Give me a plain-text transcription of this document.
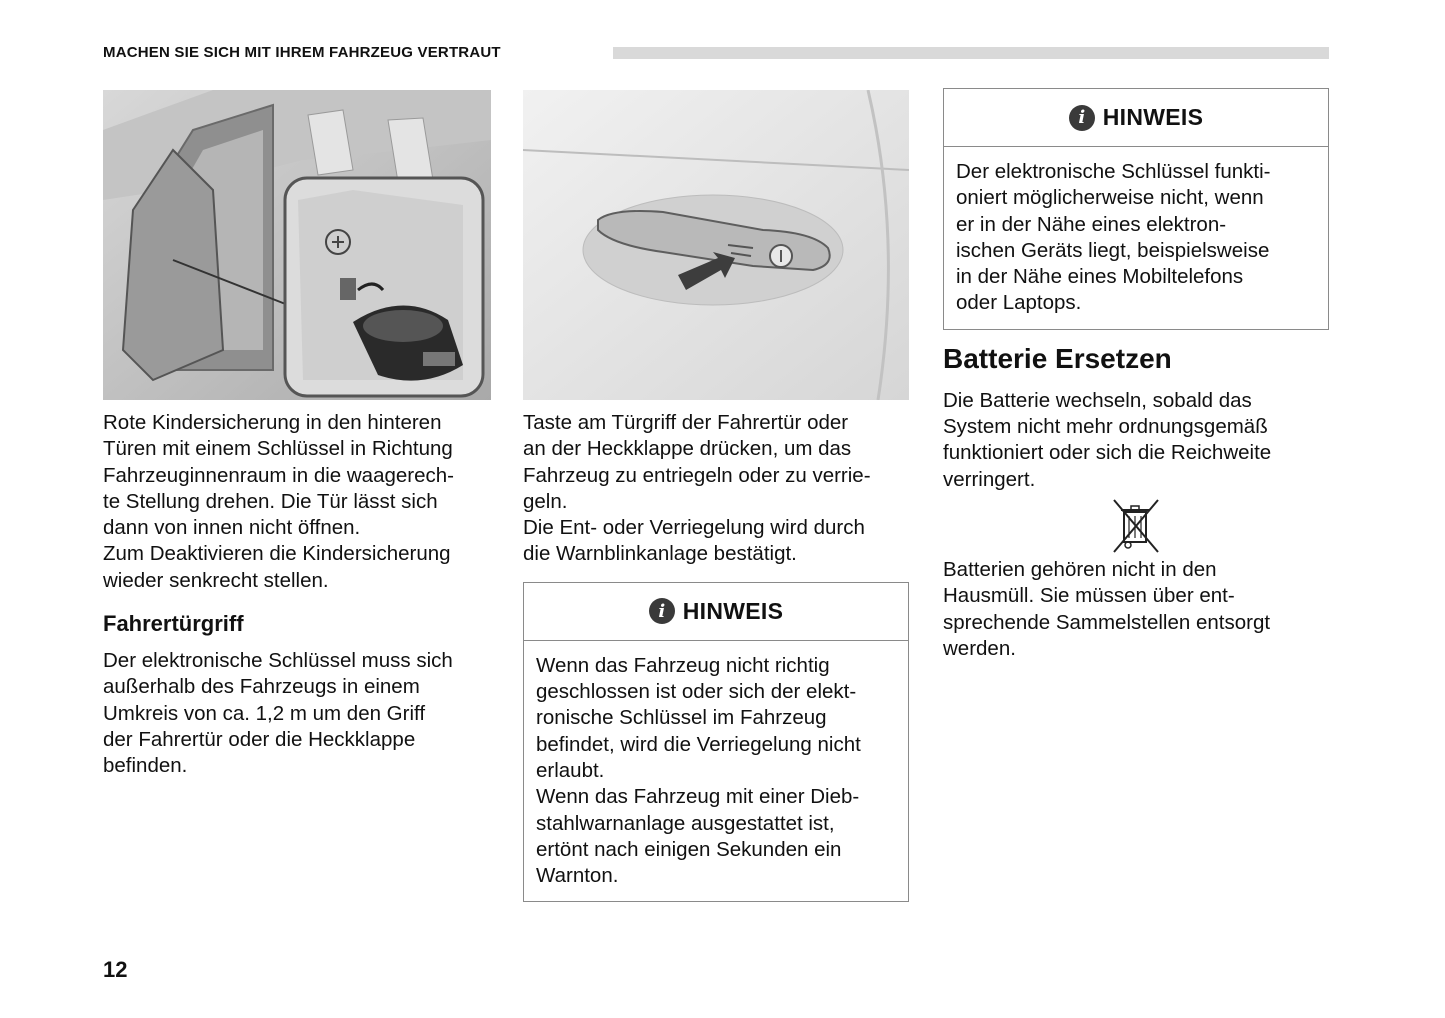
MACHEN SIE SICH MIT IHREM FAHRZEUG VERTRAUT

Rote Kindersicherung in den hinteren
Türen mit einem Schlüssel in Richtung
Fahrzeuginnenraum in die waagerech-
te Stellung drehen. Die Tür lässt sich
dann von innen nicht öffnen.
Zum Deaktivieren die Kindersicherung
wieder senkrecht stellen.

Fahrertürgriff

Der elektronische Schlüssel muss sich
außerhalb des Fahrzeugs in einem
Umkreis von ca. 1,2 m um den Griff
der Fahrertür oder die Heckklappe
befinden.

Taste am Türgriff der Fahrertür oder
an der Heckklappe drücken, um das
Fahrzeug zu entriegeln oder zu verrie-
geln.
Die Ent- oder Verriegelung wird durch
die Warnblinkanlage bestätigt.

i HINWEIS

Wenn das Fahrzeug nicht richtig
geschlossen ist oder sich der elekt-
ronische Schlüssel im Fahrzeug
befindet, wird die Verriegelung nicht
erlaubt.
Wenn das Fahrzeug mit einer Dieb-
stahlwarnanlage ausgestattet ist,
ertönt nach einigen Sekunden ein
Warnton.

i HINWEIS

Der elektronische Schlüssel funkti-
oniert möglicherweise nicht, wenn
er in der Nähe eines elektron-
ischen Geräts liegt, beispielsweise
in der Nähe eines Mobiltelefons
oder Laptops.

Batterie Ersetzen

Die Batterie wechseln, sobald das
System nicht mehr ordnungsgemäß
funktioniert oder sich die Reichweite
verringert.

Batterien gehören nicht in den
Hausmüll. Sie müssen über ent-
sprechende Sammelstellen entsorgt
werden.

12
